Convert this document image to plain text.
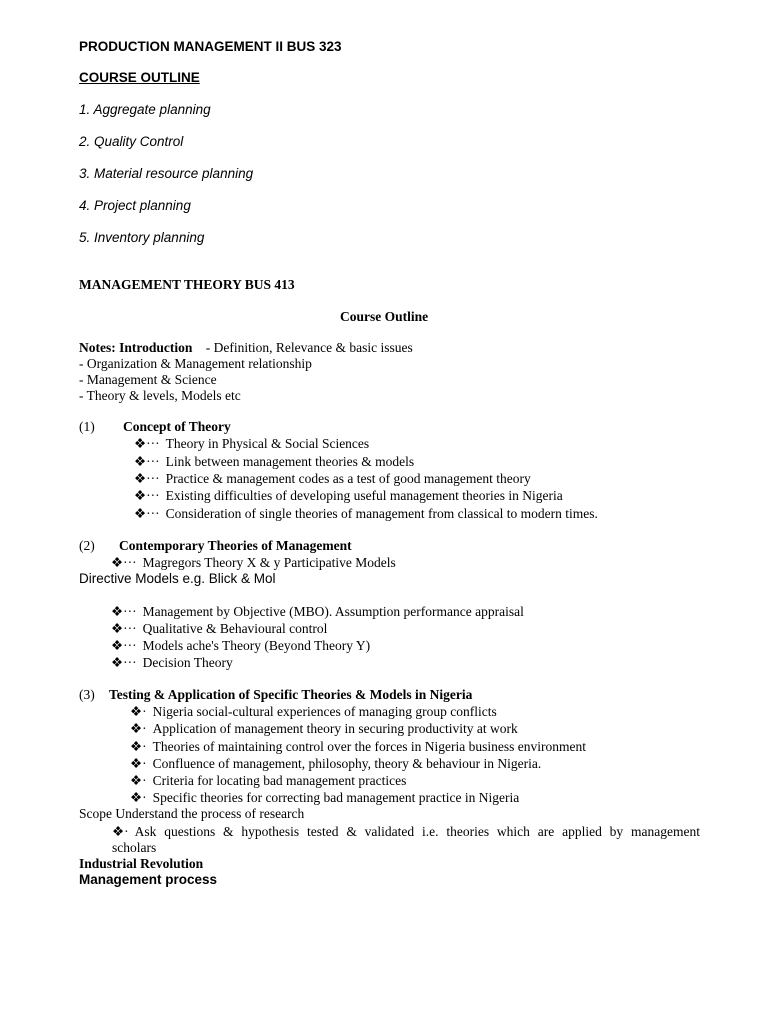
PRODUCTION MANAGEMENT II BUS 323
COURSE OUTLINE
1. Aggregate planning
2. Quality Control
3. Material resource planning
4. Project planning
5. Inventory planning
MANAGEMENT THEORY BUS 413
Course Outline
Notes: Introduction - Definition, Relevance & basic issues
- Organization & Management relationship
- Management & Science
- Theory & levels, Models etc
(1) Concept of Theory
❖··· Theory in Physical & Social Sciences
❖··· Link between management theories & models
❖··· Practice & management codes as a test of good management theory
❖··· Existing difficulties of developing useful management theories in Nigeria
❖··· Consideration of single theories of management from classical to modern times.
(2) Contemporary Theories of Management
❖··· Magregors Theory X & y Participative Models
Directive Models e.g. Blick & Mol
❖··· Management by Objective (MBO). Assumption performance appraisal
❖··· Qualitative & Behavioural control
❖··· Models ache's Theory (Beyond Theory Y)
❖··· Decision Theory
(3) Testing & Application of Specific Theories & Models in Nigeria
❖· Nigeria social-cultural experiences of managing group conflicts
❖· Application of management theory in securing productivity at work
❖· Theories of maintaining control over the forces in Nigeria business environment
❖· Confluence of management, philosophy, theory & behaviour in Nigeria.
❖· Criteria for locating bad management practices
❖· Specific theories for correcting bad management practice in Nigeria
Scope Understand the process of research
❖· Ask questions & hypothesis tested & validated i.e. theories which are applied by management
scholars
Industrial Revolution
Management process
